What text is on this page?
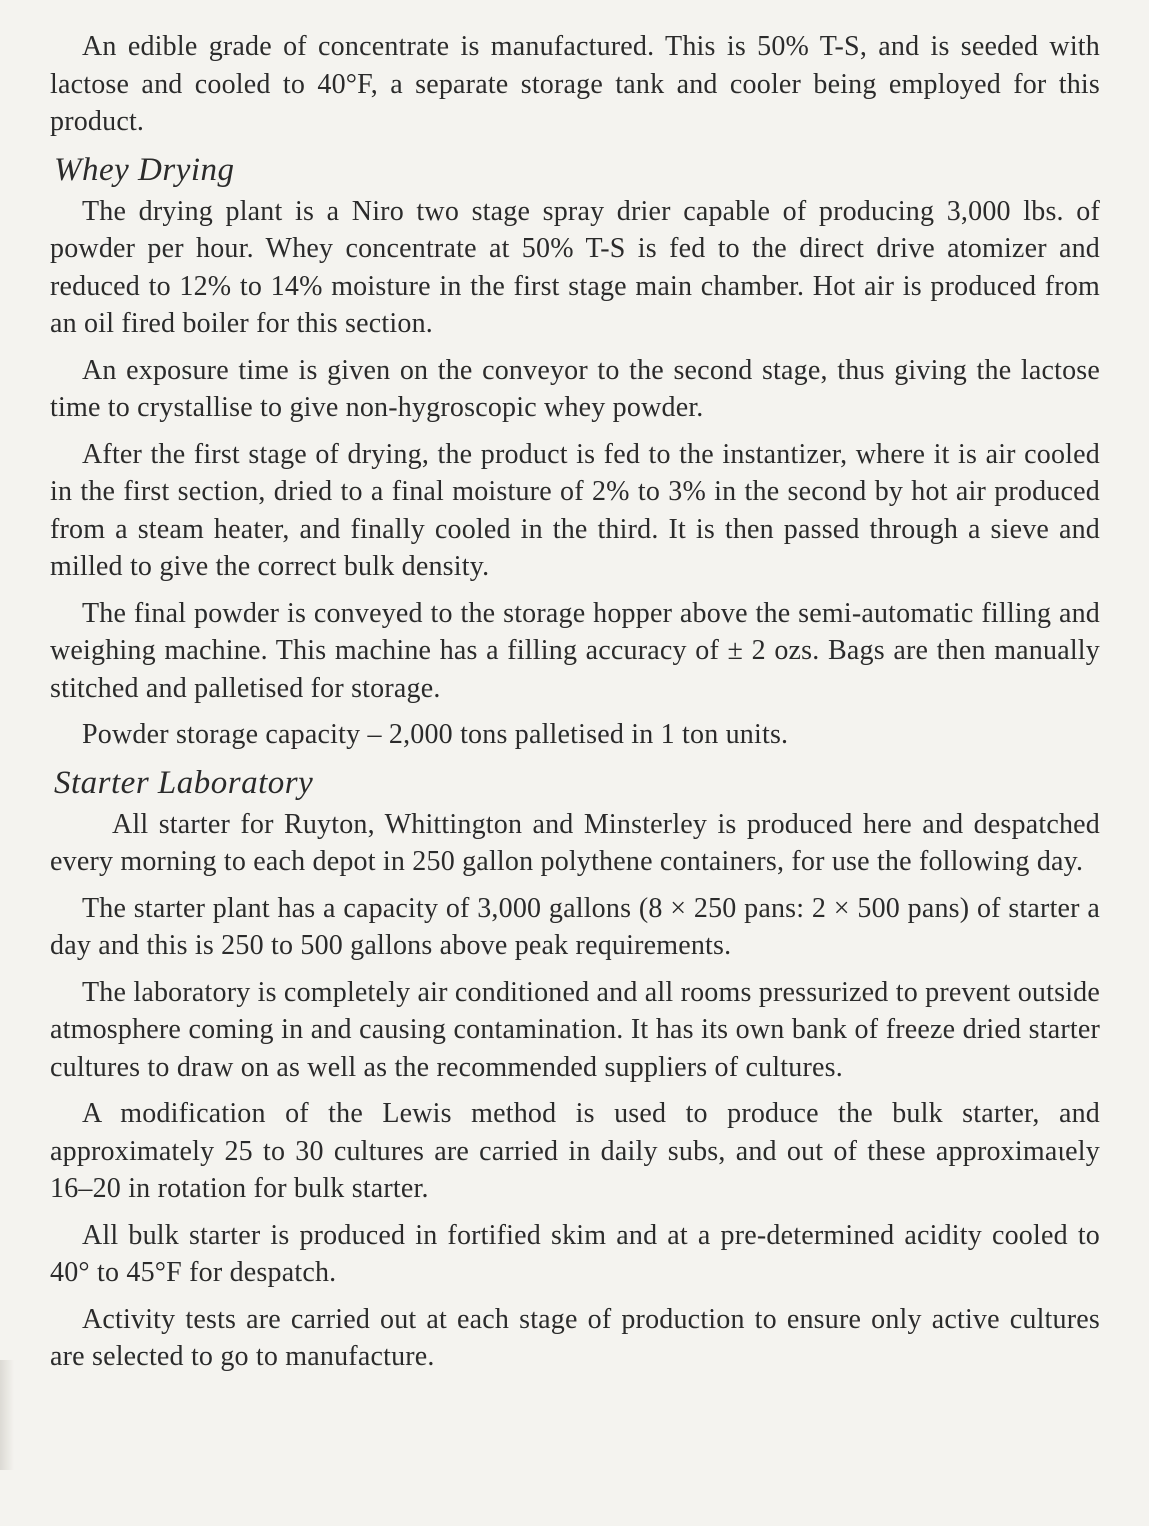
An edible grade of concentrate is manufactured. This is 50% T-S, and is seeded with lactose and cooled to 40°F, a separate storage tank and cooler being employed for this product.

Whey Drying

The drying plant is a Niro two stage spray drier capable of producing 3,000 lbs. of powder per hour. Whey concentrate at 50% T-S is fed to the direct drive atomizer and reduced to 12% to 14% moisture in the first stage main chamber. Hot air is produced from an oil fired boiler for this section.

An exposure time is given on the conveyor to the second stage, thus giving the lactose time to crystallise to give non-hygroscopic whey powder.

After the first stage of drying, the product is fed to the instantizer, where it is air cooled in the first section, dried to a final moisture of 2% to 3% in the second by hot air produced from a steam heater, and finally cooled in the third. It is then passed through a sieve and milled to give the correct bulk density.

The final powder is conveyed to the storage hopper above the semi-automatic filling and weighing machine. This machine has a filling accuracy of ± 2 ozs. Bags are then manually stitched and palletised for storage.

Powder storage capacity – 2,000 tons palletised in 1 ton units.

Starter Laboratory

All starter for Ruyton, Whittington and Minsterley is produced here and despatched every morning to each depot in 250 gallon polythene containers, for use the following day.

The starter plant has a capacity of 3,000 gallons (8 × 250 pans: 2 × 500 pans) of starter a day and this is 250 to 500 gallons above peak requirements.

The laboratory is completely air conditioned and all rooms pressurized to prevent outside atmosphere coming in and causing contamination. It has its own bank of freeze dried starter cultures to draw on as well as the recommended suppliers of cultures.

A modification of the Lewis method is used to produce the bulk starter, and approximately 25 to 30 cultures are carried in daily subs, and out of these approximaιely 16–20 in rotation for bulk starter.

All bulk starter is produced in fortified skim and at a pre-determined acidity cooled to 40° to 45°F for despatch.

Activity tests are carried out at each stage of production to ensure only active cultures are selected to go to manufacture.
